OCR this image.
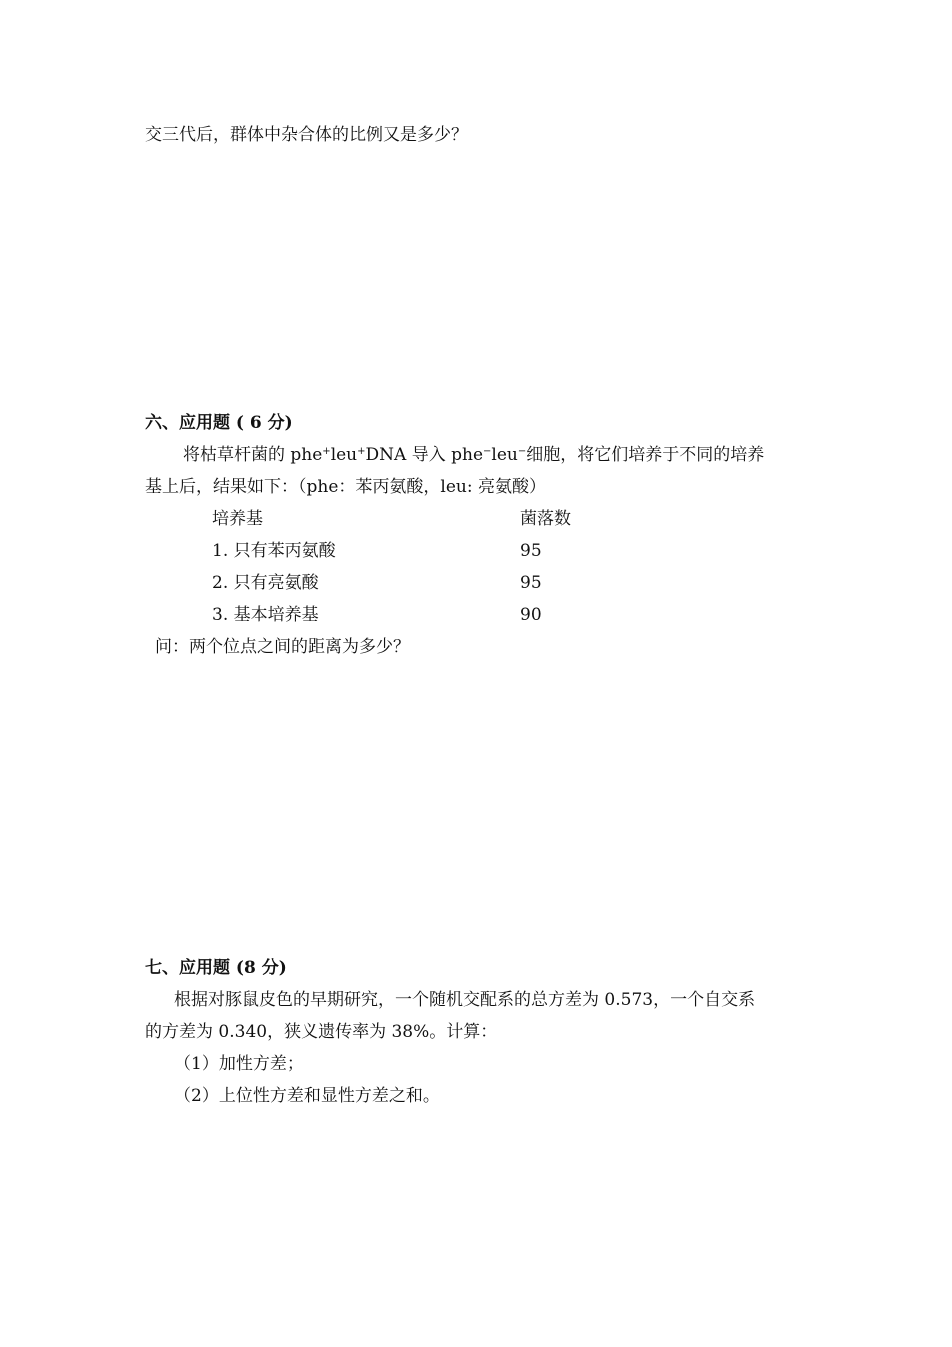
交三代后，群体中杂合体的比例又是多少？
六、应用题 ( 6 分)
将枯草杆菌的 phe+leu+DNA 导入 phe−leu−细胞，将它们培养于不同的培养
基上后，结果如下：（phe：苯丙氨酸，leu: 亮氨酸）
培养基	菌落数
1. 只有苯丙氨酸	95
2. 只有亮氨酸	95
3. 基本培养基	90
问：两个位点之间的距离为多少？
七、应用题 (8 分)
根据对豚鼠皮色的早期研究，一个随机交配系的总方差为 0.573，一个自交系
的方差为 0.340，狭义遗传率为 38%。计算：
（1）加性方差；
（2）上位性方差和显性方差之和。
